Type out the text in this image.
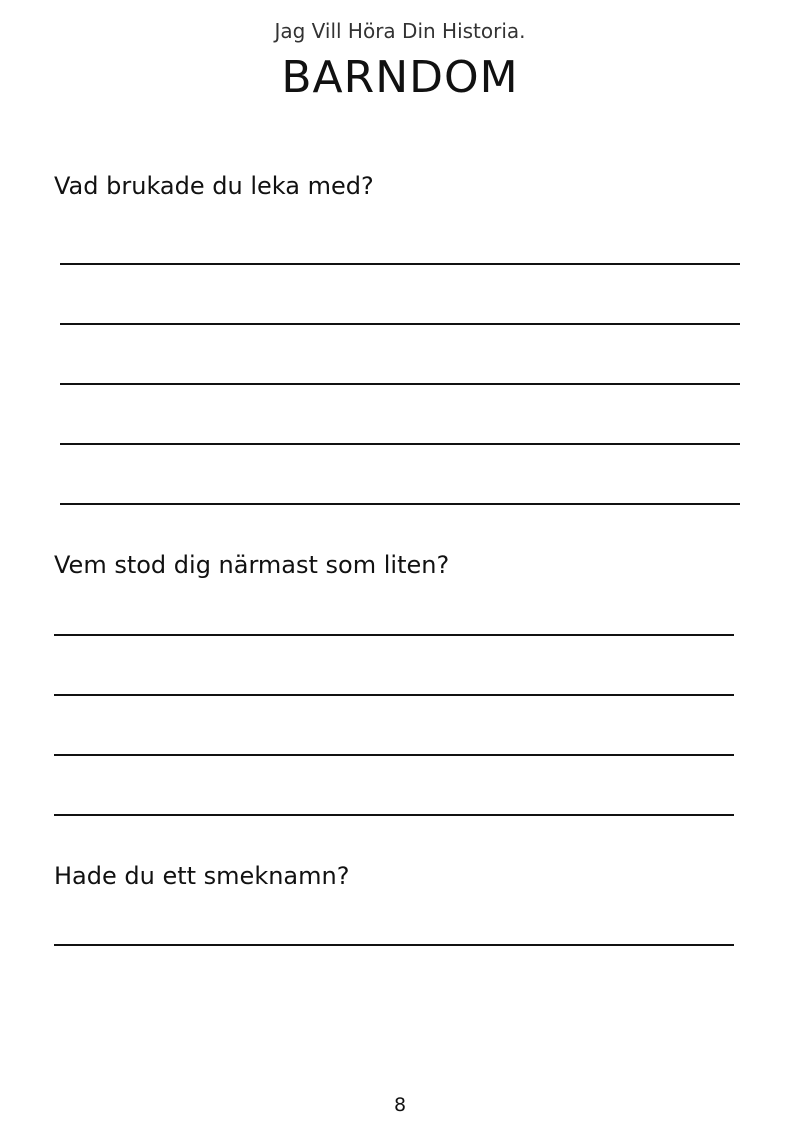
Jag Vill Höra Din Historia.
BARNDOM
Vad brukade du leka med?
Vem stod dig närmast som liten?
Hade du ett smeknamn?
8
